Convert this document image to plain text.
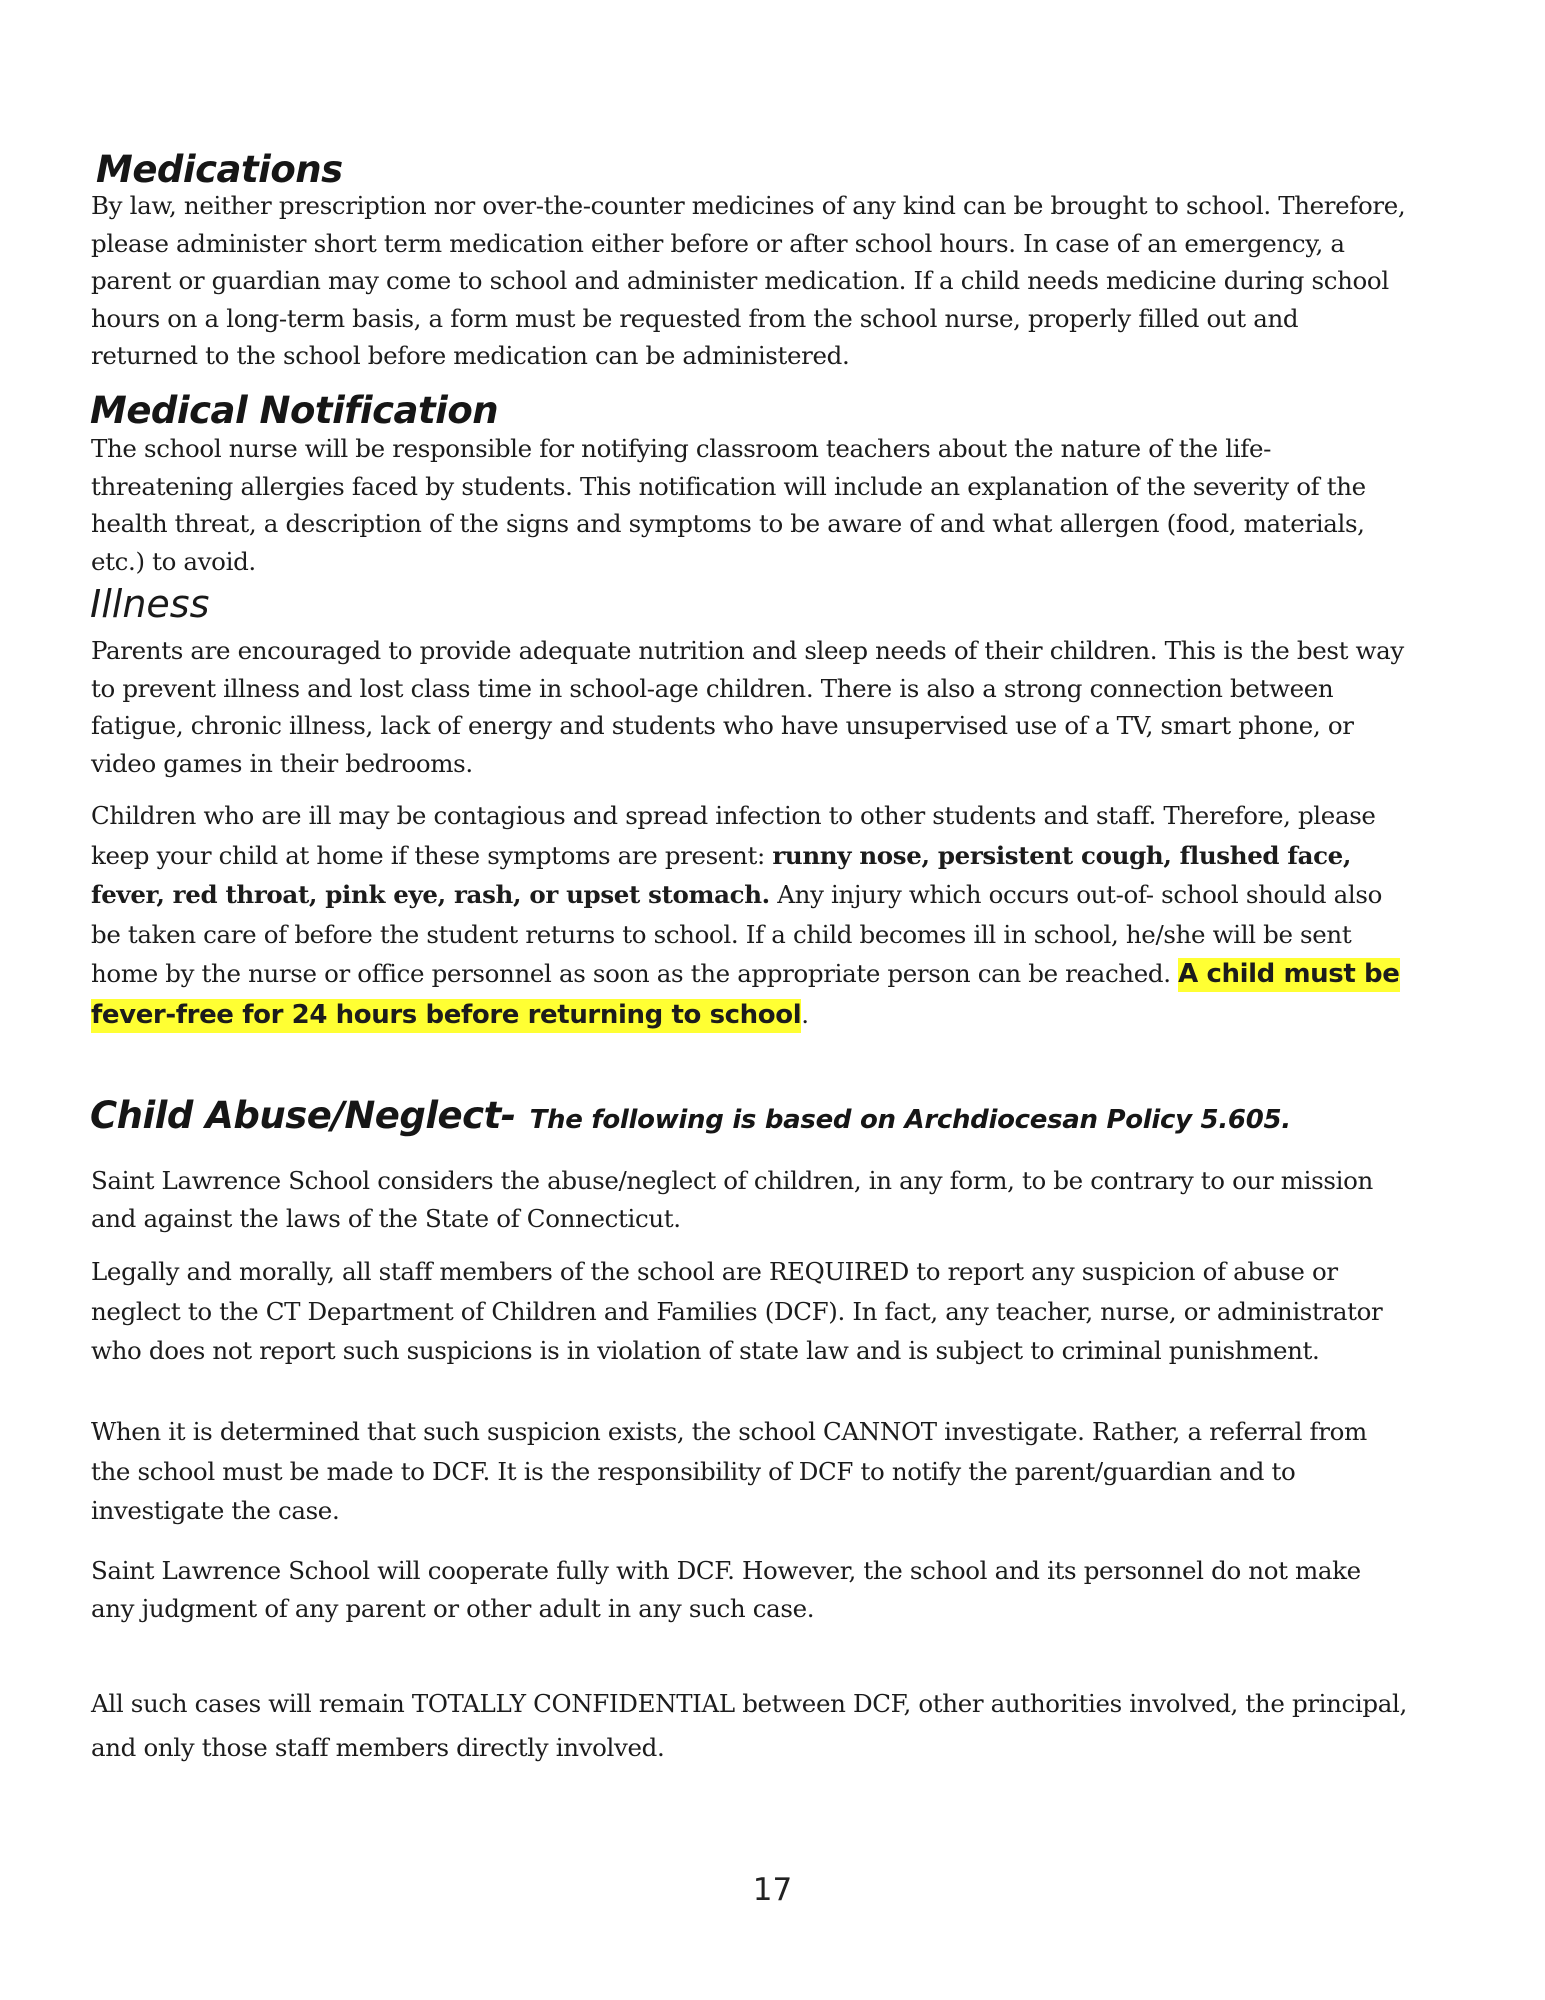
Medications

By law, neither prescription nor over-the-counter medicines of any kind can be brought to school. Therefore, please administer short term medication either before or after school hours. In case of an emergency, a parent or guardian may come to school and administer medication. If a child needs medicine during school hours on a long-term basis, a form must be requested from the school nurse, properly filled out and returned to the school before medication can be administered.

Medical Notification

The school nurse will be responsible for notifying classroom teachers about the nature of the life-threatening allergies faced by students. This notification will include an explanation of the severity of the health threat, a description of the signs and symptoms to be aware of and what allergen (food, materials, etc.) to avoid.

Illness

Parents are encouraged to provide adequate nutrition and sleep needs of their children. This is the best way to prevent illness and lost class time in school-age children. There is also a strong connection between fatigue, chronic illness, lack of energy and students who have unsupervised use of a TV, smart phone, or video games in their bedrooms.

Children who are ill may be contagious and spread infection to other students and staff. Therefore, please keep your child at home if these symptoms are present: runny nose, persistent cough, flushed face, fever, red throat, pink eye, rash, or upset stomach. Any injury which occurs out-of- school should also be taken care of before the student returns to school. If a child becomes ill in school, he/she will be sent home by the nurse or office personnel as soon as the appropriate person can be reached. A child must be fever-free for 24 hours before returning to school.

Child Abuse/Neglect- The following is based on Archdiocesan Policy 5.605.

Saint Lawrence School considers the abuse/neglect of children, in any form, to be contrary to our mission and against the laws of the State of Connecticut.

Legally and morally, all staff members of the school are REQUIRED to report any suspicion of abuse or neglect to the CT Department of Children and Families (DCF). In fact, any teacher, nurse, or administrator who does not report such suspicions is in violation of state law and is subject to criminal punishment.

When it is determined that such suspicion exists, the school CANNOT investigate. Rather, a referral from the school must be made to DCF. It is the responsibility of DCF to notify the parent/guardian and to investigate the case.

Saint Lawrence School will cooperate fully with DCF. However, the school and its personnel do not make any judgment of any parent or other adult in any such case.

All such cases will remain TOTALLY CONFIDENTIAL between DCF, other authorities involved, the principal, and only those staff members directly involved.

17
